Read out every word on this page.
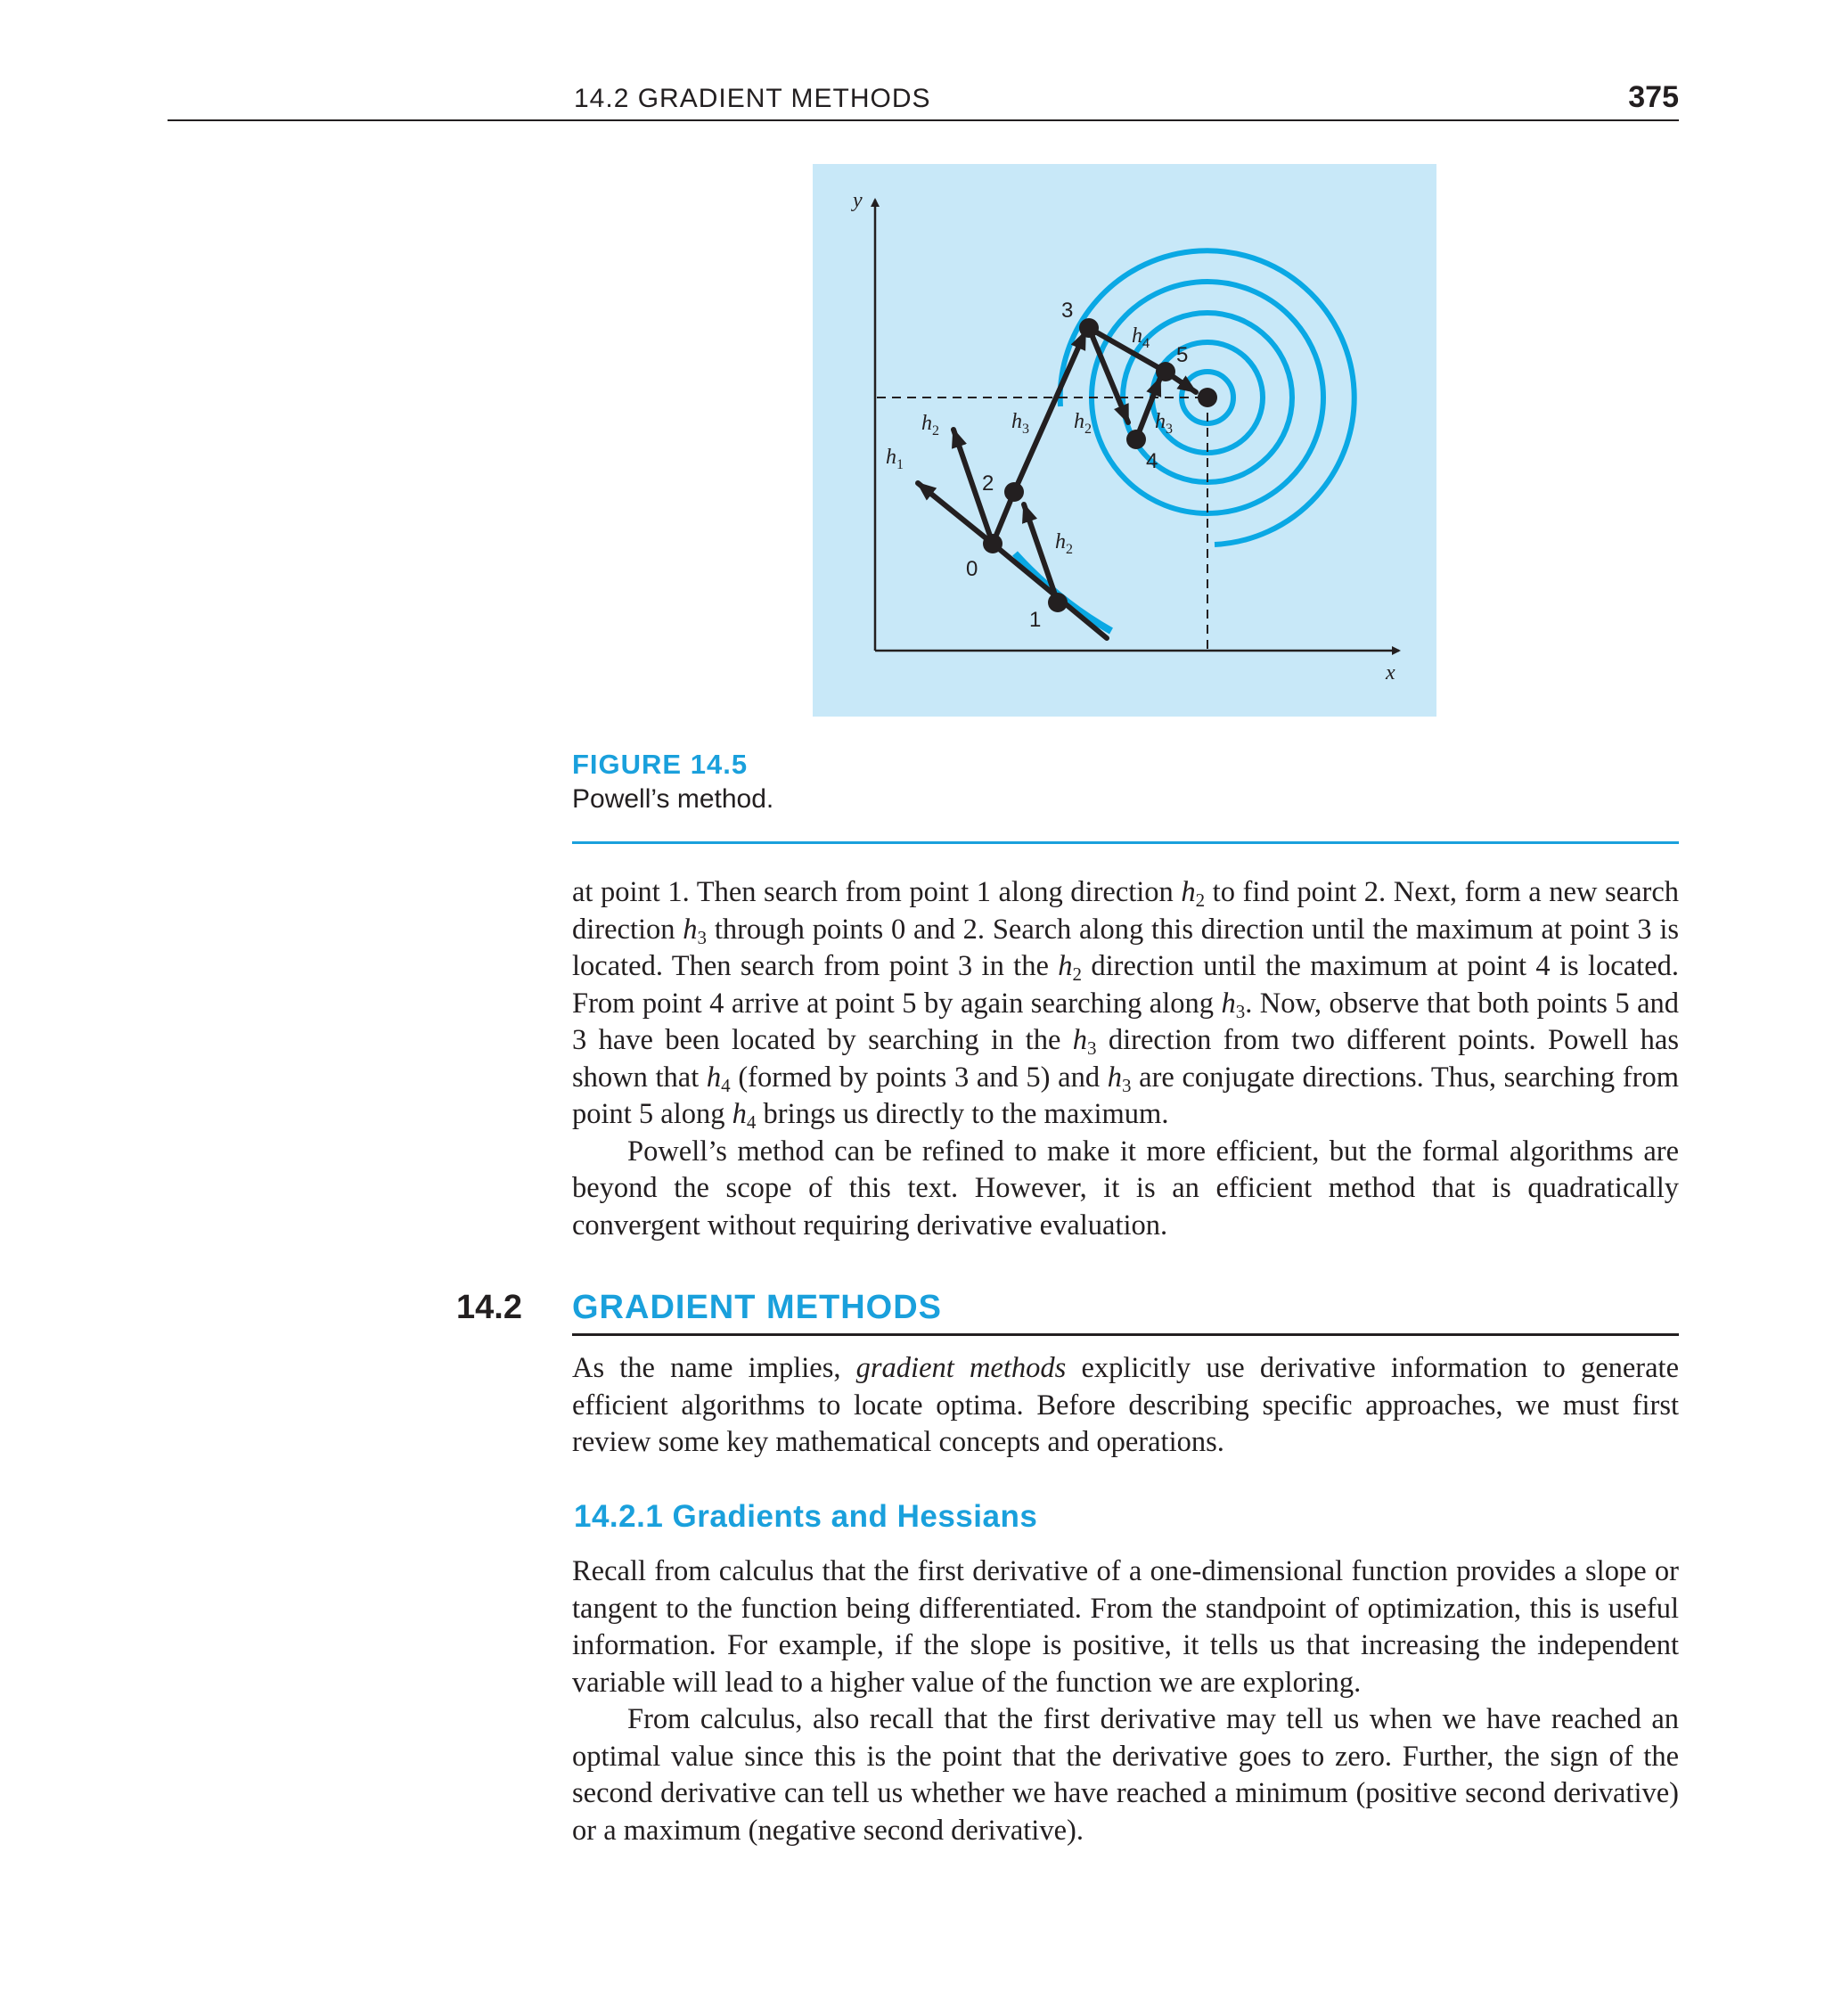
14.2 GRADIENT METHODS	375
x
y
0
1
2
3
4
5
$h_1$
$h_2$	$h_3$ $h_2$
$h_4$
$h_3$
$h_2$
FIGURE 14.5
Powell’s method.

at point 1. Then search from point 1 along direction $h_2$ to find point 2. Next, form a new search direction $h_3$ through points 0 and 2. Search along this direction until the maximum at point 3 is located. Then search from point 3 in the $h_2$ direction until the maximum at point 4 is located. From point 4 arrive at point 5 by again searching along $h_3$. Now, observe that both points 5 and 3 have been located by searching in the $h_3$ direction from two different points. Powell has shown that $h_4$ (formed by points 3 and 5) and $h_3$ are conjugate directions. Thus, searching from point 5 along $h_4$ brings us directly to the maximum.

Powell’s method can be refined to make it more efficient, but the formal algorithms are beyond the scope of this text. However, it is an efficient method that is quadratically convergent without requiring derivative evaluation.

14.2 GRADIENT METHODS

As the name implies, gradient methods explicitly use derivative information to generate efficient algorithms to locate optima. Before describing specific approaches, we must first review some key mathematical concepts and operations.

14.2.1 Gradients and Hessians

Recall from calculus that the first derivative of a one-dimensional function provides a slope or tangent to the function being differentiated. From the standpoint of optimization, this is useful information. For example, if the slope is positive, it tells us that increasing the independent variable will lead to a higher value of the function we are exploring.

From calculus, also recall that the first derivative may tell us when we have reached an optimal value since this is the point that the derivative goes to zero. Further, the sign of the second derivative can tell us whether we have reached a minimum (positive second derivative) or a maximum (negative second derivative).
